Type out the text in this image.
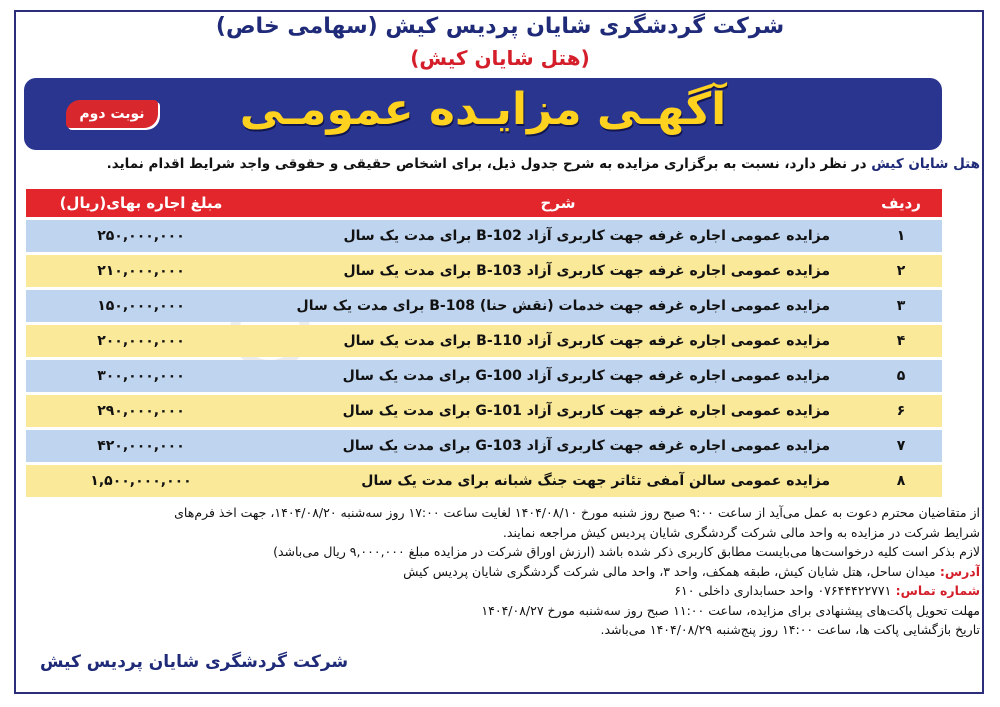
شرکت گردشگری شایان پردیس کیش (سهامی خاص)
(هتل شایان کیش)
آگهـی مزایـده عمومـی
نوبت دوم
هتل شایان کیش در نظر دارد، نسبت به برگزاری مزایده به شرح جدول ذیل، برای اشخاص حقیقی و حقوقی واجد شرایط اقدام نماید.
ردیف	شرح	مبلغ اجاره بهای(ریال)
۱	مزایده عمومی اجاره غرفه جهت کاربری آزاد B-102 برای مدت یک سال	۲۵۰,۰۰۰,۰۰۰
۲	مزایده عمومی اجاره غرفه جهت کاربری آزاد B-103 برای مدت یک سال	۲۱۰,۰۰۰,۰۰۰
۳	مزایده عمومی اجاره غرفه جهت خدمات (نقش حنا) B-108 برای مدت یک سال	۱۵۰,۰۰۰,۰۰۰
۴	مزایده عمومی اجاره غرفه جهت کاربری آزاد B-110 برای مدت یک سال	۲۰۰,۰۰۰,۰۰۰
۵	مزایده عمومی اجاره غرفه جهت کاربری آزاد G-100 برای مدت یک سال	۳۰۰,۰۰۰,۰۰۰
۶	مزایده عمومی اجاره غرفه جهت کاربری آزاد G-101 برای مدت یک سال	۲۹۰,۰۰۰,۰۰۰
۷	مزایده عمومی اجاره غرفه جهت کاربری آزاد G-103 برای مدت یک سال	۴۲۰,۰۰۰,۰۰۰
۸	مزایده عمومی سالن آمفی تئاتر جهت جنگ شبانه برای مدت یک سال	۱,۵۰۰,۰۰۰,۰۰۰
از متقاضیان محترم دعوت به عمل می‌آید از ساعت ۹:۰۰ صبح روز شنبه مورخ ۱۴۰۴/۰۸/۱۰ لغایت ساعت ۱۷:۰۰ روز سه‌شنبه ۱۴۰۴/۰۸/۲۰، جهت اخذ فرم‌های
شرایط شرکت در مزایده به واحد مالی شرکت گردشگری شایان پردیس کیش مراجعه نمایند.
لازم بذکر است کلیه درخواست‌ها می‌بایست مطابق کاربری ذکر شده باشد (ارزش اوراق شرکت در مزایده مبلغ ۹,۰۰۰,۰۰۰ ریال می‌باشد)
آدرس: میدان ساحل، هتل شایان کیش، طبقه همکف، واحد ۳، واحد مالی شرکت گردشگری شایان پردیس کیش
شماره تماس: ۰۷۶۴۴۴۲۲۷۷۱ واحد حسابداری داخلی ۶۱۰
مهلت تحویل پاکت‌های پیشنهادی برای مزایده، ساعت ۱۱:۰۰ صبح روز سه‌شنبه مورخ ۱۴۰۴/۰۸/۲۷
تاریخ بازگشایی پاکت ها، ساعت ۱۴:۰۰ روز پنج‌شنبه ۱۴۰۴/۰۸/۲۹ می‌باشد.
شرکت گردشگری شایان پردیس کیش
